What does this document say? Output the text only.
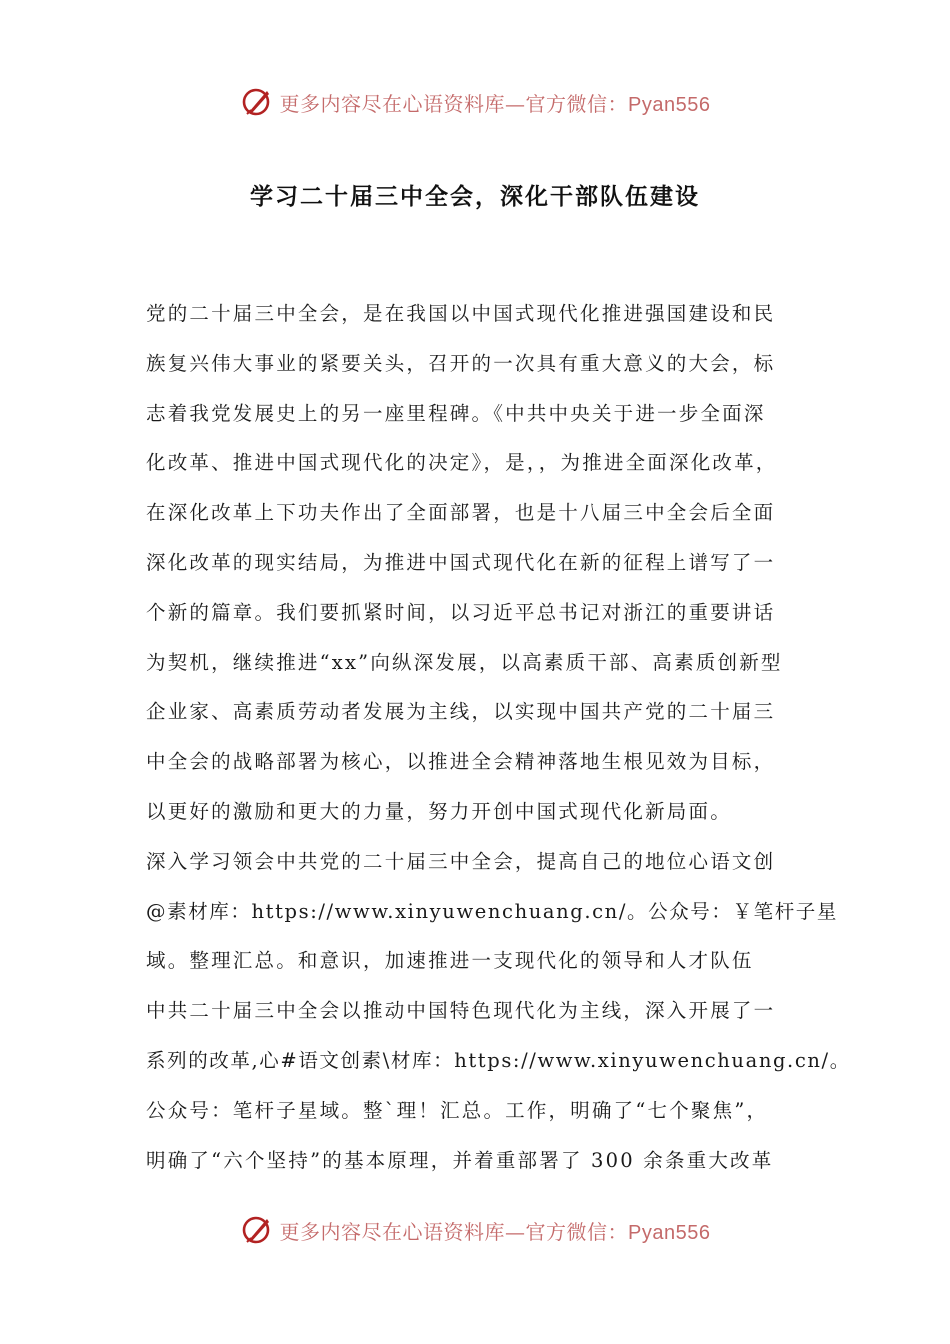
更多内容尽在心语资料库—官方微信：Pyan556
学习二十届三中全会，深化干部队伍建设
党的二十届三中全会，是在我国以中国式现代化推进强国建设和民
族复兴伟大事业的紧要关头，召开的一次具有重大意义的大会，标
志着我党发展史上的另一座里程碑。《中共中央关于进一步全面深
化改革、推进中国式现代化的决定》，是，，为推进全面深化改革，
在深化改革上下功夫作出了全面部署，也是十八届三中全会后全面
深化改革的现实结局，为推进中国式现代化在新的征程上谱写了一
个新的篇章。我们要抓紧时间，以习近平总书记对浙江的重要讲话
为契机，继续推进“xx”向纵深发展，以高素质干部、高素质创新型
企业家、高素质劳动者发展为主线，以实现中国共产党的二十届三
中全会的战略部署为核心，以推进全会精神落地生根见效为目标，
以更好的激励和更大的力量，努力开创中国式现代化新局面。
深入学习领会中共党的二十届三中全会，提高自己的地位心语文创
@素材库：https://www.xinyuwenchuang.cn/。公众号：￥笔杆子星
域。整理汇总。和意识，加速推进一支现代化的领导和人才队伍
中共二十届三中全会以推动中国特色现代化为主线，深入开展了一
系列的改革,心#语文创素\材库：https://www.xinyuwenchuang.cn/。
公众号：笔杆子星域。整`理！汇总。工作，明确了“七个聚焦”，
明确了“六个坚持”的基本原理，并着重部署了 300 余条重大改革
更多内容尽在心语资料库—官方微信：Pyan556
